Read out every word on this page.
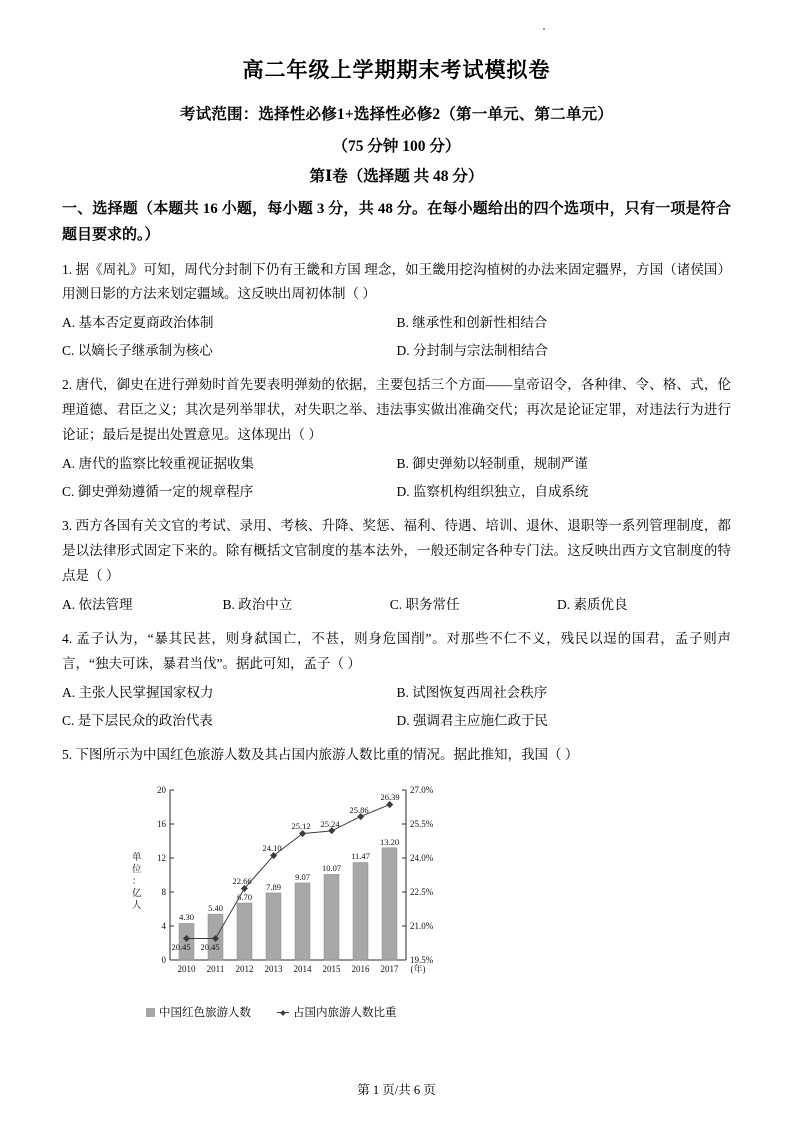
高二年级上学期期末考试模拟卷
考试范围：选择性必修1+选择性必修2（第一单元、第二单元）
（75 分钟 100 分）
第Ⅰ卷（选择题 共 48 分）
一、选择题（本题共 16 小题，每小题 3 分，共 48 分。在每小题给出的四个选项中，只有一项是符合题目要求的。）
1. 据《周礼》可知，周代分封制下仍有王畿和方国 理念，如王畿用挖沟植树的办法来固定疆界，方国（诸侯国）用测日影的方法来划定疆域。这反映出周初体制（ ）
A. 基本否定夏商政治体制	B. 继承性和创新性相结合
C. 以嫡长子继承制为核心	D. 分封制与宗法制相结合
2. 唐代，御史在进行弹劾时首先要表明弹劾的依据，主要包括三个方面——皇帝诏令，各种律、令、格、式，伦理道德、君臣之义；其次是列举罪状，对失职之举、违法事实做出准确交代；再次是论证定罪，对违法行为进行论证；最后是提出处置意见。这体现出（ ）
A. 唐代的监察比较重视证据收集	B. 御史弹劾以轻制重，规制严谨
C. 御史弹劾遵循一定的规章程序	D. 监察机构组织独立，自成系统
3. 西方各国有关文官的考试、录用、考核、升降、奖惩、福利、待遇、培训、退休、退职等一系列管理制度，都是以法律形式固定下来的。除有概括文官制度的基本法外，一般还制定各种专门法。这反映出西方文官制度的特点是（ ）
A. 依法管理	B. 政治中立	C. 职务常任	D. 素质优良
4. 孟子认为，“暴其民甚，则身弑国亡，不甚，则身危国削”。对那些不仁不义，残民以逞的国君，孟子则声言，“独夫可诛，暴君当伐”。据此可知，孟子（ ）
A. 主张人民掌握国家权力	B. 试图恢复西周社会秩序
C. 是下层民众的政治代表	D. 强调君主应施仁政于民
5. 下图所示为中国红色旅游人数及其占国内旅游人数比重的情况。据此推知，我国（ ）
0
4
8
12
16
20
19.5%
21.0%
22.5%
24.0%
25.5%
27.0%
单
位
：
亿
人
4.30
5.40
6.70
7.89
9.07
10.07
11.47
13.20
20.45 20.45
22.66
24.10
25.12 25.24
25.86
26.39
2010 2011 2012 2013 2014 2015 2016 2017 (年)
中国红色旅游人数	占国内旅游人数比重
第 1 页/共 6 页
